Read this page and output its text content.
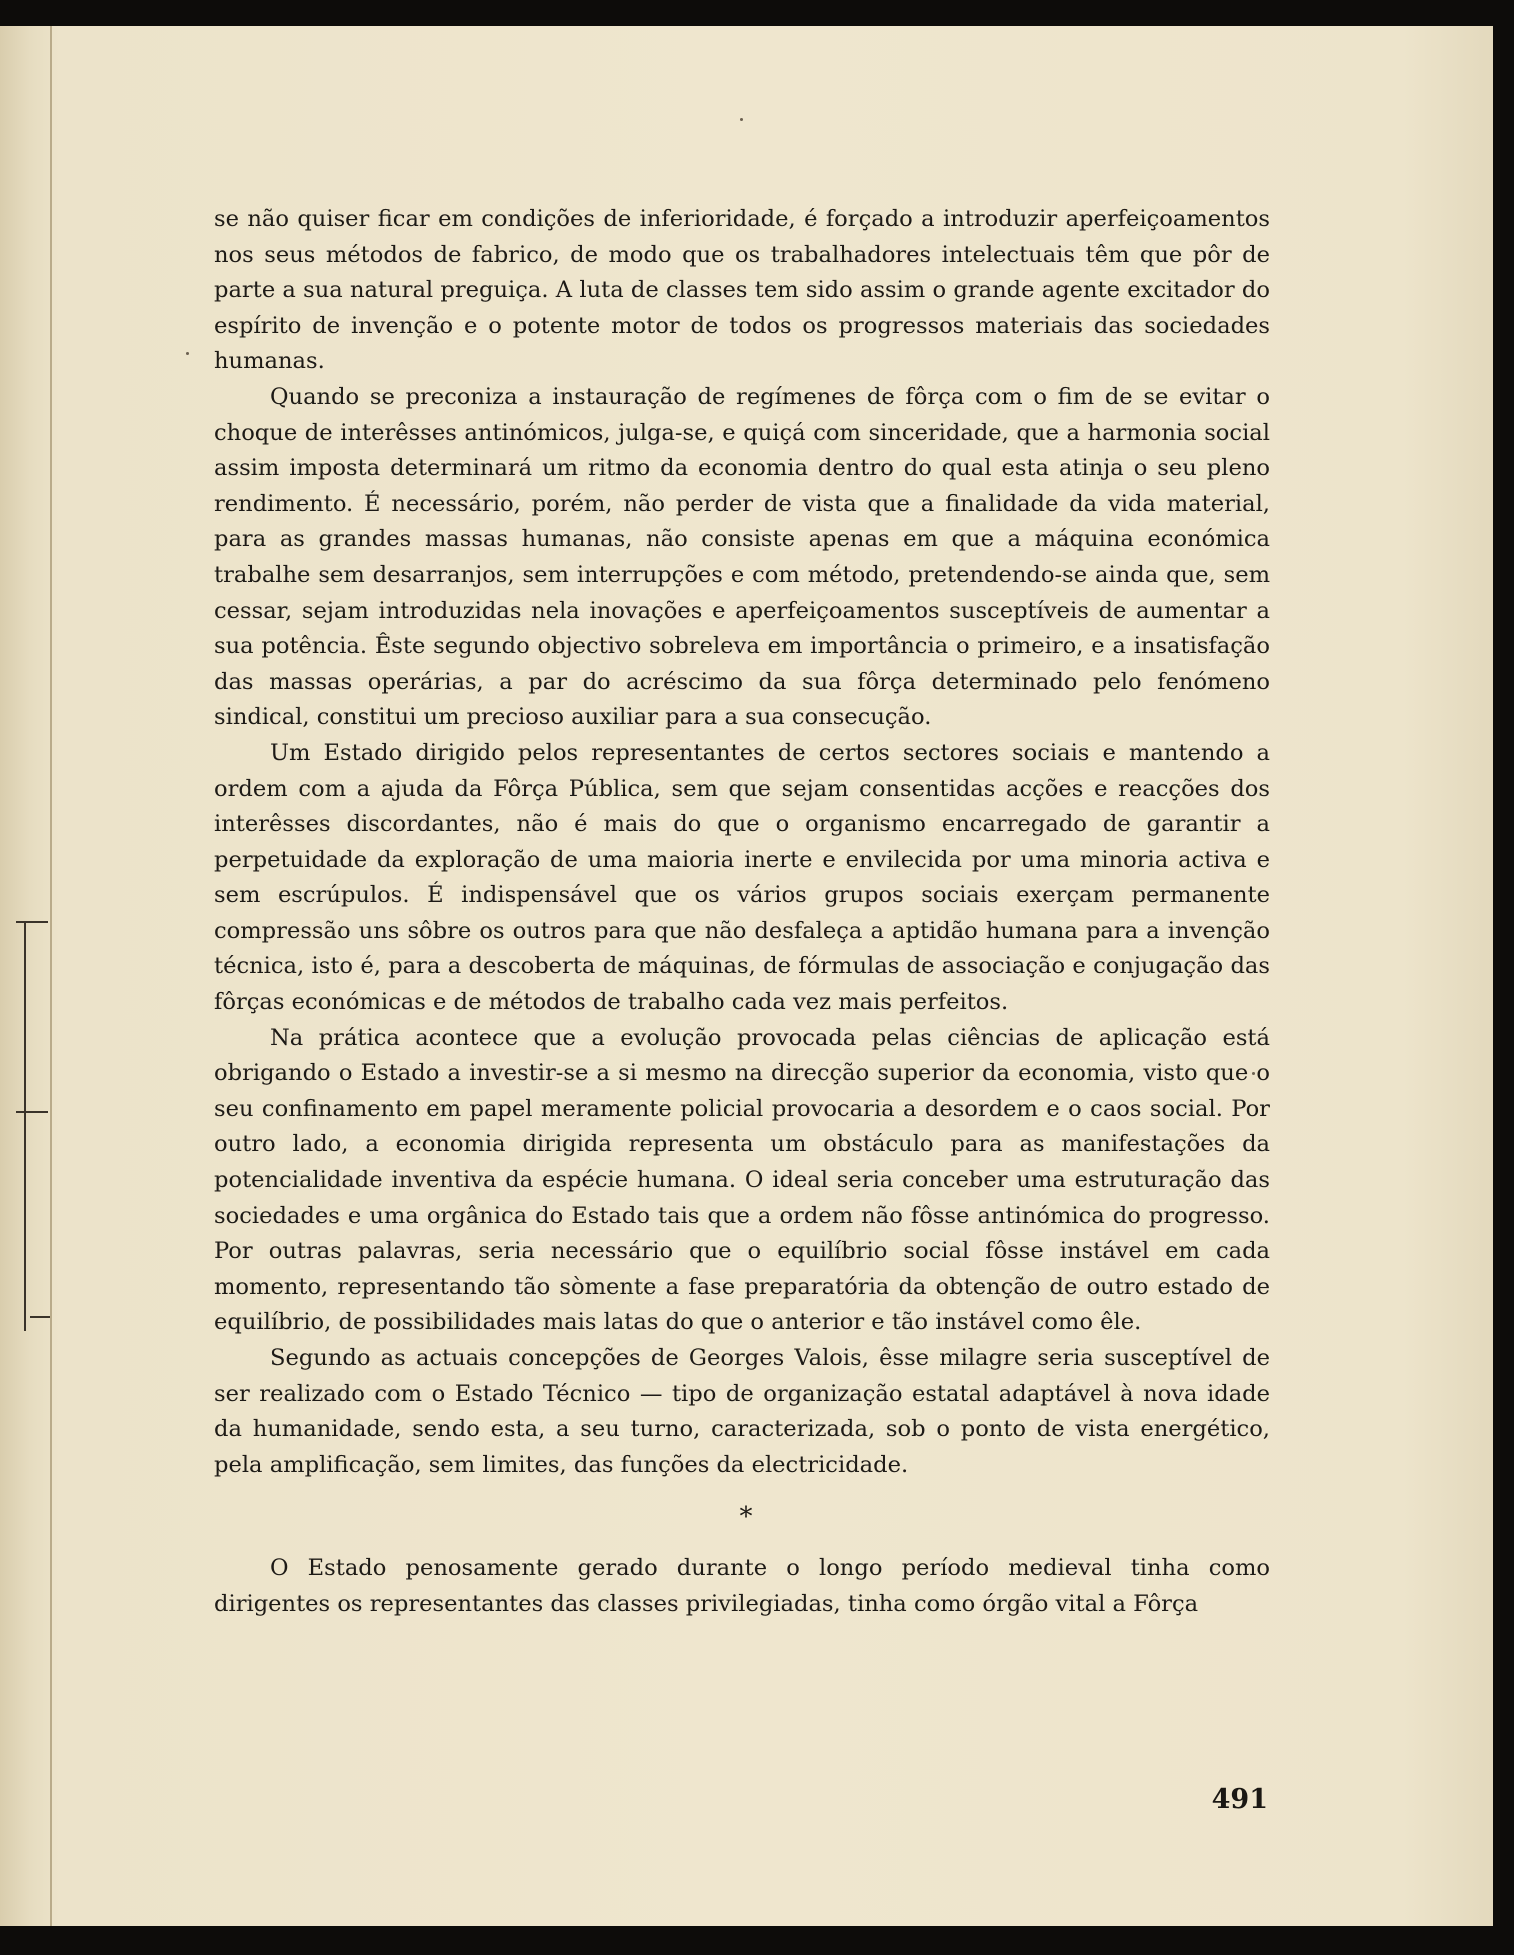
se não quiser ficar em condições de inferioridade, é forçado a introduzir aperfeiçoamentos nos seus métodos de fabrico, de modo que os trabalhadores intelectuais têm que pôr de parte a sua natural preguiça. A luta de classes tem sido assim o grande agente excitador do espírito de invenção e o potente motor de todos os progressos materiais das sociedades humanas.

Quando se preconiza a instauração de regímenes de fôrça com o fim de se evitar o choque de interêsses antinómicos, julga-se, e quiçá com sinceridade, que a harmonia social assim imposta determinará um ritmo da economia dentro do qual esta atinja o seu pleno rendimento. É necessário, porém, não perder de vista que a finalidade da vida material, para as grandes massas humanas, não consiste apenas em que a máquina económica trabalhe sem desarranjos, sem interrupções e com método, pretendendo-se ainda que, sem cessar, sejam introduzidas nela inovações e aperfeiçoamentos susceptíveis de aumentar a sua potência. Êste segundo objectivo sobreleva em importância o primeiro, e a insatisfação das massas operárias, a par do acréscimo da sua fôrça determinado pelo fenómeno sindical, constitui um precioso auxiliar para a sua consecução.

Um Estado dirigido pelos representantes de certos sectores sociais e mantendo a ordem com a ajuda da Fôrça Pública, sem que sejam consentidas acções e reacções dos interêsses discordantes, não é mais do que o organismo encarregado de garantir a perpetuidade da exploração de uma maioria inerte e envilecida por uma minoria activa e sem escrúpulos. É indispensável que os vários grupos sociais exerçam permanente compressão uns sôbre os outros para que não desfaleça a aptidão humana para a invenção técnica, isto é, para a descoberta de máquinas, de fórmulas de associação e conjugação das fôrças económicas e de métodos de trabalho cada vez mais perfeitos.

Na prática acontece que a evolução provocada pelas ciências de aplicação está obrigando o Estado a investir-se a si mesmo na direcção superior da economia, visto que o seu confinamento em papel meramente policial provocaria a desordem e o caos social. Por outro lado, a economia dirigida representa um obstáculo para as manifestações da potencialidade inventiva da espécie humana. O ideal seria conceber uma estruturação das sociedades e uma orgânica do Estado tais que a ordem não fôsse antinómica do progresso. Por outras palavras, seria necessário que o equilíbrio social fôsse instável em cada momento, representando tão sòmente a fase preparatória da obtenção de outro estado de equilíbrio, de possibilidades mais latas do que o anterior e tão instável como êle.

Segundo as actuais concepções de Georges Valois, êsse milagre seria susceptível de ser realizado com o Estado Técnico — tipo de organização estatal adaptável à nova idade da humanidade, sendo esta, a seu turno, caracterizada, sob o ponto de vista energético, pela amplificação, sem limites, das funções da electricidade.

*

O Estado penosamente gerado durante o longo período medieval tinha como dirigentes os representantes das classes privilegiadas, tinha como órgão vital a Fôrça

491
